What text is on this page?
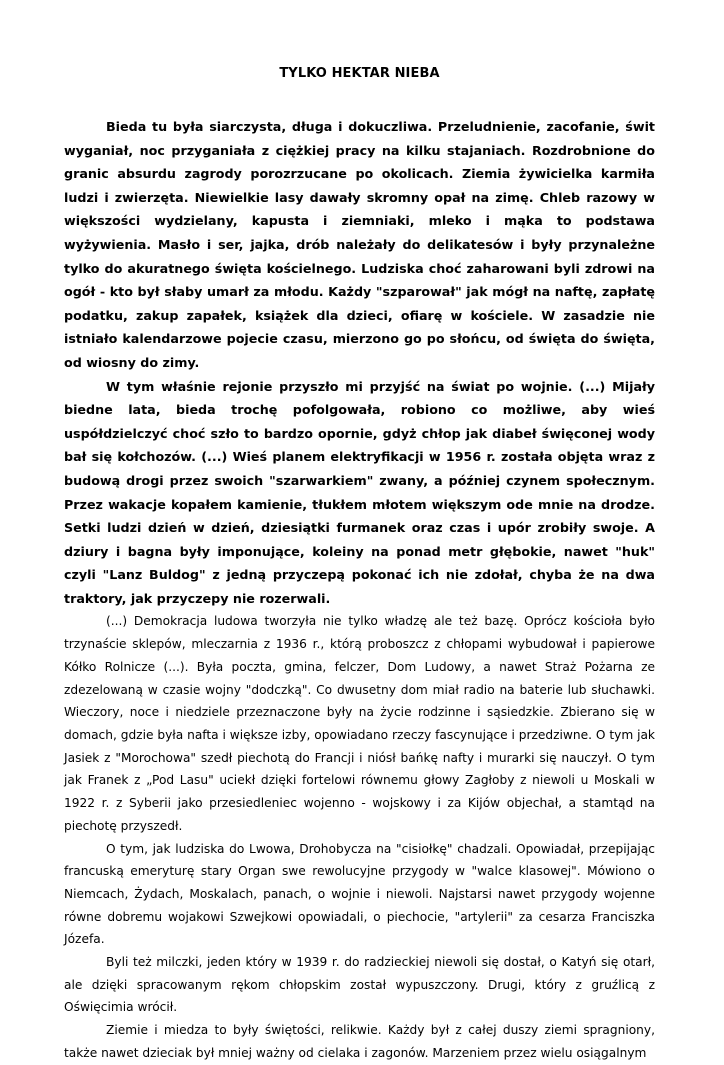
TYLKO HEKTAR NIEBA

Bieda tu była siarczysta, długa i dokuczliwa. Przeludnienie, zacofanie, świt wyganiał, noc przyganiała z ciężkiej pracy na kilku stajaniach. Rozdrobnione do granic absurdu zagrody porozrzucane po okolicach. Ziemia żywicielka karmiła ludzi i zwierzęta. Niewielkie lasy dawały skromny opał na zimę. Chleb razowy w większości wydzielany, kapusta i ziemniaki, mleko i mąka to podstawa wyżywienia. Masło i ser, jajka, drób należały do delikatesów i były przynależne tylko do akuratnego święta kościelnego. Ludziska choć zaharowani byli zdrowi na ogół - kto był słaby umarł za młodu. Każdy "szparował" jak mógł na naftę, zapłatę podatku, zakup zapałek, książek dla dzieci, ofiarę w kościele. W zasadzie nie istniało kalendarzowe pojecie czasu, mierzono go po słońcu, od święta do święta, od wiosny do zimy.

W tym właśnie rejonie przyszło mi przyjść na świat po wojnie. (...) Mijały biedne lata, bieda trochę pofolgowała, robiono co możliwe, aby wieś uspółdzielczyć choć szło to bardzo opornie, gdyż chłop jak diabeł święconej wody bał się kołchozów. (...) Wieś planem elektryfikacji w 1956 r. została objęta wraz z budową drogi przez swoich "szarwarkiem" zwany, a później czynem społecznym. Przez wakacje kopałem kamienie, tłukłem młotem większym ode mnie na drodze. Setki ludzi dzień w dzień, dziesiątki furmanek oraz czas i upór zrobiły swoje. A dziury i bagna były imponujące, koleiny na ponad metr głębokie, nawet "huk" czyli "Lanz Buldog" z jedną przyczepą pokonać ich nie zdołał, chyba że na dwa traktory, jak przyczepy nie rozerwali.

(...) Demokracja ludowa tworzyła nie tylko władzę ale też bazę. Oprócz kościoła było trzynaście sklepów, mleczarnia z 1936 r., którą proboszcz z chłopami wybudował i papierowe Kółko Rolnicze (...). Była poczta, gmina, felczer, Dom Ludowy, a nawet Straż Pożarna ze zdezelowaną w czasie wojny "dodczką". Co dwusetny dom miał radio na baterie lub słuchawki. Wieczory, noce i niedziele przeznaczone były na życie rodzinne i sąsiedzkie. Zbierano się w domach, gdzie była nafta i większe izby, opowiadano rzeczy fascynujące i przedziwne. O tym jak Jasiek z "Morochowa" szedł piechotą do Francji i niósł bańkę nafty i murarki się nauczył. O tym jak Franek z „Pod Lasu" uciekł dzięki fortelowi równemu głowy Zagłoby z niewoli u Moskali w 1922 r. z Syberii jako przesiedleniec wojenno - wojskowy i za Kijów objechał, a stamtąd na piechotę przyszedł.

O tym, jak ludziska do Lwowa, Drohobycza na "cisiołkę" chadzali. Opowiadał, przepijając francuską emeryturę stary Organ swe rewolucyjne przygody w "walce klasowej". Mówiono o Niemcach, Żydach, Moskalach, panach, o wojnie i niewoli. Najstarsi nawet przygody wojenne równe dobremu wojakowi Szwejkowi opowiadali, o piechocie, "artylerii" za cesarza Franciszka Józefa.

Byli też milczki, jeden który w 1939 r. do radzieckiej niewoli się dostał, o Katyń się otarł, ale dzięki spracowanym rękom chłopskim został wypuszczony. Drugi, który z gruźlicą z Oświęcimia wrócił.

Ziemie i miedza to były świętości, relikwie. Każdy był z całej duszy ziemi spragniony, także nawet dzieciak był mniej ważny od cielaka i zagonów. Marzeniem przez wielu osiągalnym
